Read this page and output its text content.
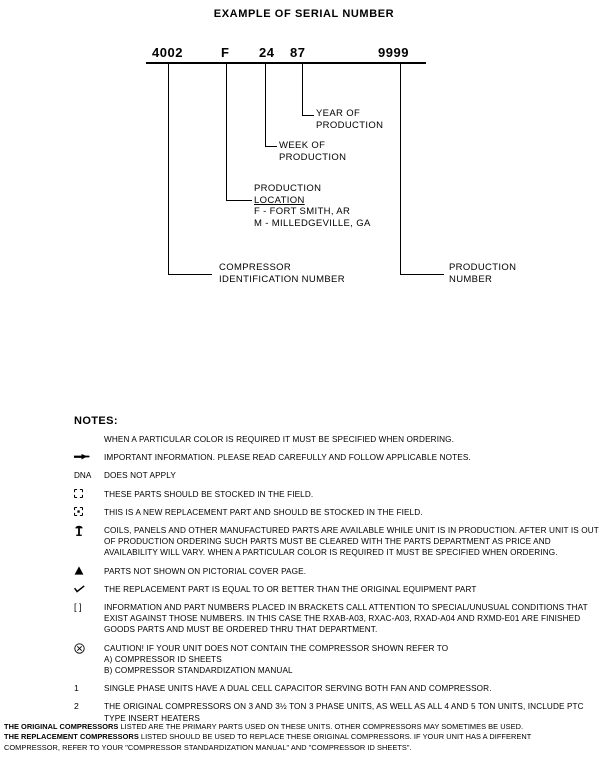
EXAMPLE OF SERIAL NUMBER
4002	F 24 87	9999
YEAR OF
PRODUCTION
WEEK OF
PRODUCTION
PRODUCTION
LOCATION
F - FORT SMITH, AR
M - MILLEDGEVILLE, GA
COMPRESSOR
IDENTIFICATION NUMBER
PRODUCTION
NUMBER
NOTES:
WHEN A PARTICULAR COLOR IS REQUIRED IT MUST BE SPECIFIED WHEN ORDERING.
IMPORTANT INFORMATION. PLEASE READ CAREFULLY AND FOLLOW APPLICABLE NOTES.
DNA	DOES NOT APPLY
THESE PARTS SHOULD BE STOCKED IN THE FIELD.
THIS IS A NEW REPLACEMENT PART AND SHOULD BE STOCKED IN THE FIELD.
COILS, PANELS AND OTHER MANUFACTURED PARTS ARE AVAILABLE WHILE UNIT IS IN PRODUCTION. AFTER UNIT IS OUT OF PRODUCTION ORDERING SUCH PARTS MUST BE CLEARED WITH THE PARTS DEPARTMENT AS PRICE AND AVAILABILITY WILL VARY. WHEN A PARTICULAR COLOR IS REQUIRED IT MUST BE SPECIFIED WHEN ORDERING.
PARTS NOT SHOWN ON PICTORIAL COVER PAGE.
THE REPLACEMENT PART IS EQUAL TO OR BETTER THAN THE ORIGINAL EQUIPMENT PART
[ ]	INFORMATION AND PART NUMBERS PLACED IN BRACKETS CALL ATTENTION TO SPECIAL/UNUSUAL CONDITIONS THAT EXIST AGAINST THOSE NUMBERS. IN THIS CASE THE RXAB-A03, RXAC-A03, RXAD-A04 AND RXMD-E01 ARE FINISHED GOODS PARTS AND MUST BE ORDERED THRU THAT DEPARTMENT.
CAUTION! IF YOUR UNIT DOES NOT CONTAIN THE COMPRESSOR SHOWN REFER TO
A) COMPRESSOR ID SHEETS
B) COMPRESSOR STANDARDIZATION MANUAL
1	SINGLE PHASE UNITS HAVE A DUAL CELL CAPACITOR SERVING BOTH FAN AND COMPRESSOR.
2	THE ORIGINAL COMPRESSORS ON 3 AND 3½ TON 3 PHASE UNITS, AS WELL AS ALL 4 AND 5 TON UNITS, INCLUDE PTC TYPE INSERT HEATERS
THE ORIGINAL COMPRESSORS LISTED ARE THE PRIMARY PARTS USED ON THESE UNITS. OTHER COMPRESSORS MAY SOMETIMES BE USED.
THE REPLACEMENT COMPRESSORS LISTED SHOULD BE USED TO REPLACE THESE ORIGINAL COMPRESSORS. IF YOUR UNIT HAS A DIFFERENT
COMPRESSOR, REFER TO YOUR "COMPRESSOR STANDARDIZATION MANUAL" AND "COMPRESSOR ID SHEETS".
